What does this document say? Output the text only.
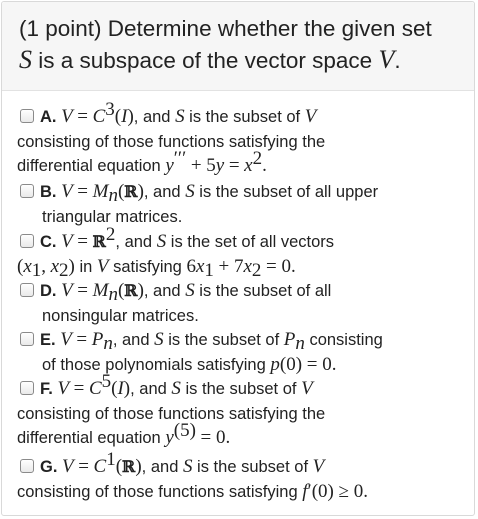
(1 point) Determine whether the given set
S is a subspace of the vector space V.
A. $V = C^3(I)$, and S is the subset of V
consisting of those functions satisfying the
differential equation $y''' + 5y = x^2$.
B. $V = M_n(ℝ)$, and S is the subset of all upper
triangular matrices.
C. V = ℝ$^2$, and S is the set of all vectors
($x_1$, $x_2$) in V satisfying $6x_1 + 7x_2 = 0$.
D. $V = M_n(ℝ)$, and S is the subset of all
nonsingular matrices.
E. $V = P_n$, and S is the subset of $P_n$ consisting
of those polynomials satisfying p(0) = 0.
F. $V = C^5(I)$, and S is the subset of V
consisting of those functions satisfying the
differential equation $y^{(5)} = 0$.
G. $V = C^1(ℝ)$, and S is the subset of V
consisting of those functions satisfying f′(0) ≥ 0.
